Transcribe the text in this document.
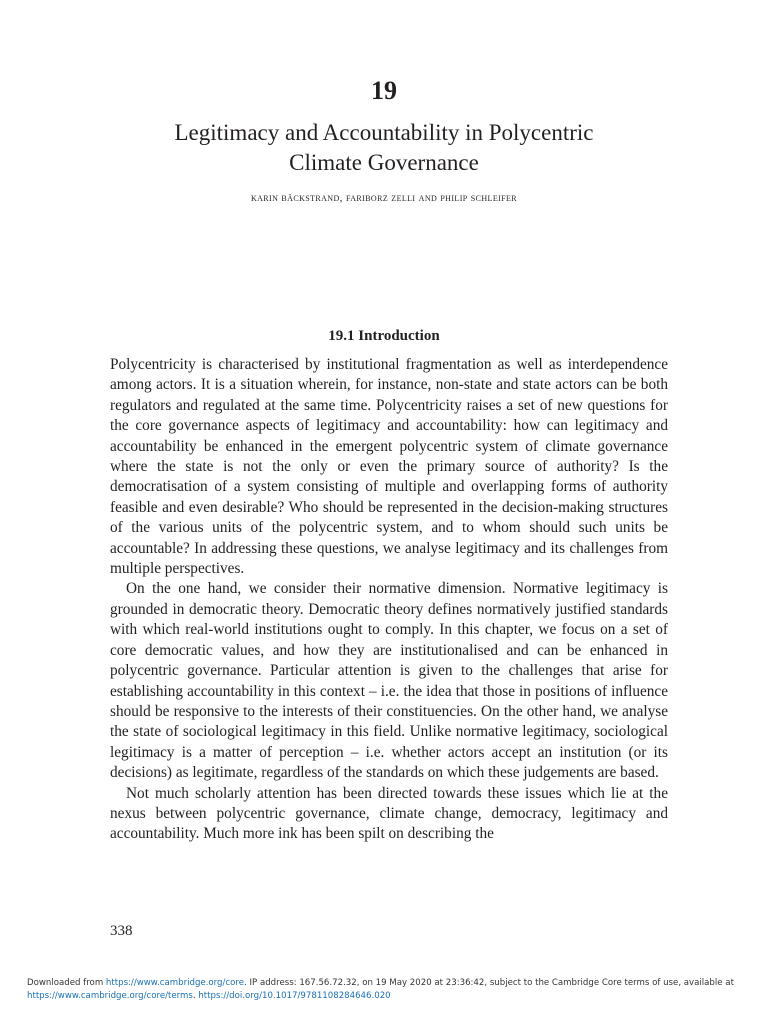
19
Legitimacy and Accountability in Polycentric
Climate Governance
karin bäckstrand, fariborz zelli and philip schleifer
19.1 Introduction

Polycentricity is characterised by institutional fragmentation as well as interdependence among actors. It is a situation wherein, for instance, non-state and state actors can be both regulators and regulated at the same time. Polycentricity raises a set of new questions for the core governance aspects of legitimacy and accountability: how can legitimacy and accountability be enhanced in the emergent polycentric system of climate governance where the state is not the only or even the primary source of authority? Is the democratisation of a system consisting of multiple and overlapping forms of authority feasible and even desirable? Who should be represented in the decision-making structures of the various units of the polycentric system, and to whom should such units be accountable? In addressing these questions, we analyse legitimacy and its challenges from multiple perspectives.

On the one hand, we consider their normative dimension. Normative legitimacy is grounded in democratic theory. Democratic theory defines normatively justified standards with which real-world institutions ought to comply. In this chapter, we focus on a set of core democratic values, and how they are institutionalised and can be enhanced in polycentric governance. Particular attention is given to the challenges that arise for establishing accountability in this context – i.e. the idea that those in positions of influence should be responsive to the interests of their constituencies. On the other hand, we analyse the state of sociological legitimacy in this field. Unlike normative legitimacy, sociological legitimacy is a matter of perception – i.e. whether actors accept an institution (or its decisions) as legitimate, regardless of the standards on which these judgements are based.

Not much scholarly attention has been directed towards these issues which lie at the nexus between polycentric governance, climate change, democracy, legitimacy and accountability. Much more ink has been spilt on describing the

338
Downloaded from https://www.cambridge.org/core. IP address: 167.56.72.32, on 19 May 2020 at 23:36:42, subject to the Cambridge Core terms of use, available at
https://www.cambridge.org/core/terms. https://doi.org/10.1017/9781108284646.020
